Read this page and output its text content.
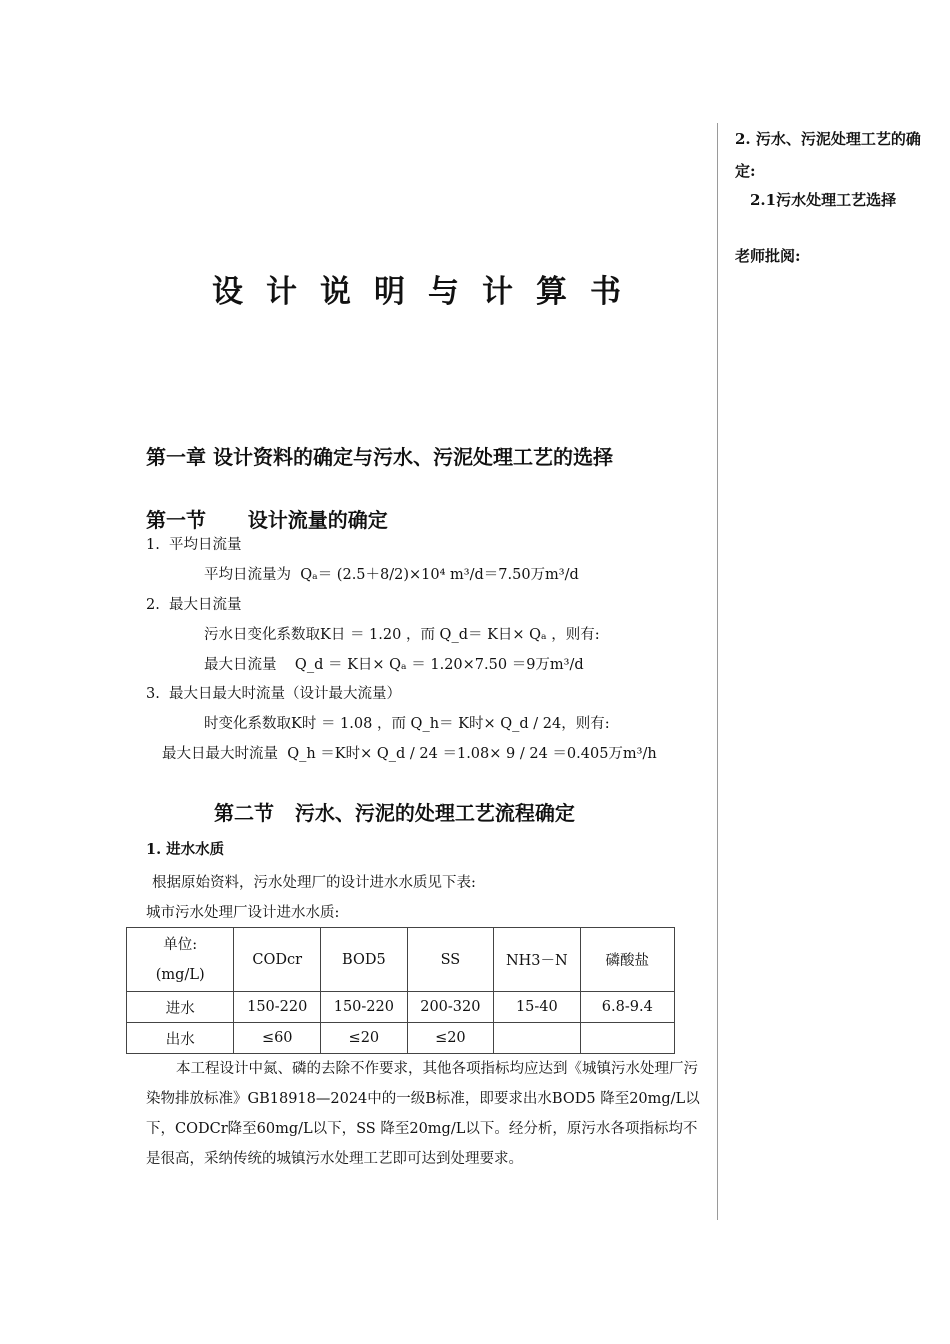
2. 污水、污泥处理工艺的确
定:
2.1污水处理工艺选择
老师批阅:
设计说明与计算书
第一章 设计资料的确定与污水、污泥处理工艺的选择
第一节      设计流量的确定
1.  平均日流量
平均日流量为  Qₐ＝ (2.5＋8/2)×10⁴ m³/d＝7.50万m³/d
2.  最大日流量
污水日变化系数取K日 ＝ 1.20 ，而 Q_d＝ K日× Qₐ ，则有:
最大日流量    Q_d ＝ K日× Qₐ ＝ 1.20×7.50 ＝9万m³/d
3.  最大日最大时流量（设计最大流量）
时变化系数取K时 ＝ 1.08 ，而 Q_h＝ K时× Q_d / 24，则有:
最大日最大时流量  Q_h ＝K时× Q_d / 24 ＝1.08× 9 / 24 ＝0.405万m³/h
第二节   污水、污泥的处理工艺流程确定
1. 进水水质
根据原始资料，污水处理厂的设计进水水质见下表:
城市污水处理厂设计进水水质:
单位:
(mg/L)	CODcr	BOD5	SS	NH3－N	磷酸盐
进水	150-220	150-220	200-320	15-40	6.8-9.4
出水	≤60	≤20	≤20		
本工程设计中氮、磷的去除不作要求，其他各项指标均应达到《城镇污水处理厂污染物排放标准》GB18918—2024中的一级B标准，即要求出水BOD5 降至20mg/L以下，CODCr降至60mg/L以下，SS 降至20mg/L以下。经分析，原污水各项指标均不是很高，采纳传统的城镇污水处理工艺即可达到处理要求。
